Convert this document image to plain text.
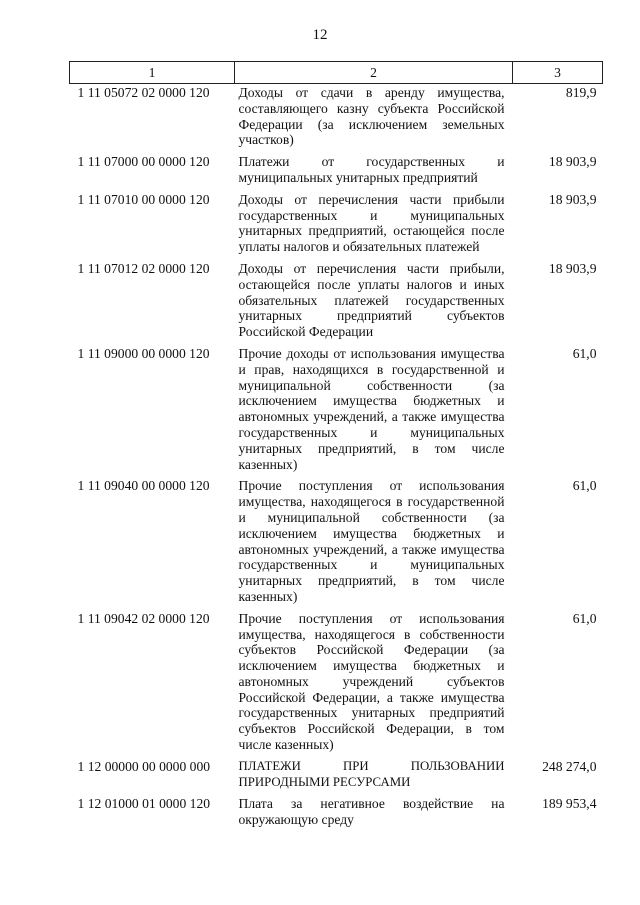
12
1	2	3
1 11 05072 02 0000 120	Доходы от сдачи в аренду имущества, составляющего казну субъекта Российской Федерации (за исключением земельных участков)	819,9
1 11 07000 00 0000 120	Платежи от государственных и муниципальных унитарных предприятий	18 903,9
1 11 07010 00 0000 120	Доходы от перечисления части прибыли государственных и муниципальных унитарных предприятий, остающейся после уплаты налогов и обязательных платежей	18 903,9
1 11 07012 02 0000 120	Доходы от перечисления части прибыли, остающейся после уплаты налогов и иных обязательных платежей государственных унитарных предприятий субъектов Российской Федерации	18 903,9
1 11 09000 00 0000 120	Прочие доходы от использования имущества и прав, находящихся в государственной и муниципальной собственности (за исключением имущества бюджетных и автономных учреждений, а также имущества государственных и муниципальных унитарных предприятий, в том числе казенных)	61,0
1 11 09040 00 0000 120	Прочие поступления от использования имущества, находящегося в государственной и муниципальной собственности (за исключением имущества бюджетных и автономных учреждений, а также имущества государственных и муниципальных унитарных предприятий, в том числе казенных)	61,0
1 11 09042 02 0000 120	Прочие поступления от использования имущества, находящегося в собственности субъектов Российской Федерации (за исключением имущества бюджетных и автономных учреждений субъектов Российской Федерации, а также имущества государственных унитарных предприятий субъектов Российской Федерации, в том числе казенных)	61,0
1 12 00000 00 0000 000	ПЛАТЕЖИ ПРИ ПОЛЬЗОВАНИИ ПРИРОДНЫМИ РЕСУРСАМИ	248 274,0
1 12 01000 01 0000 120	Плата за негативное воздействие на окружающую среду	189 953,4
